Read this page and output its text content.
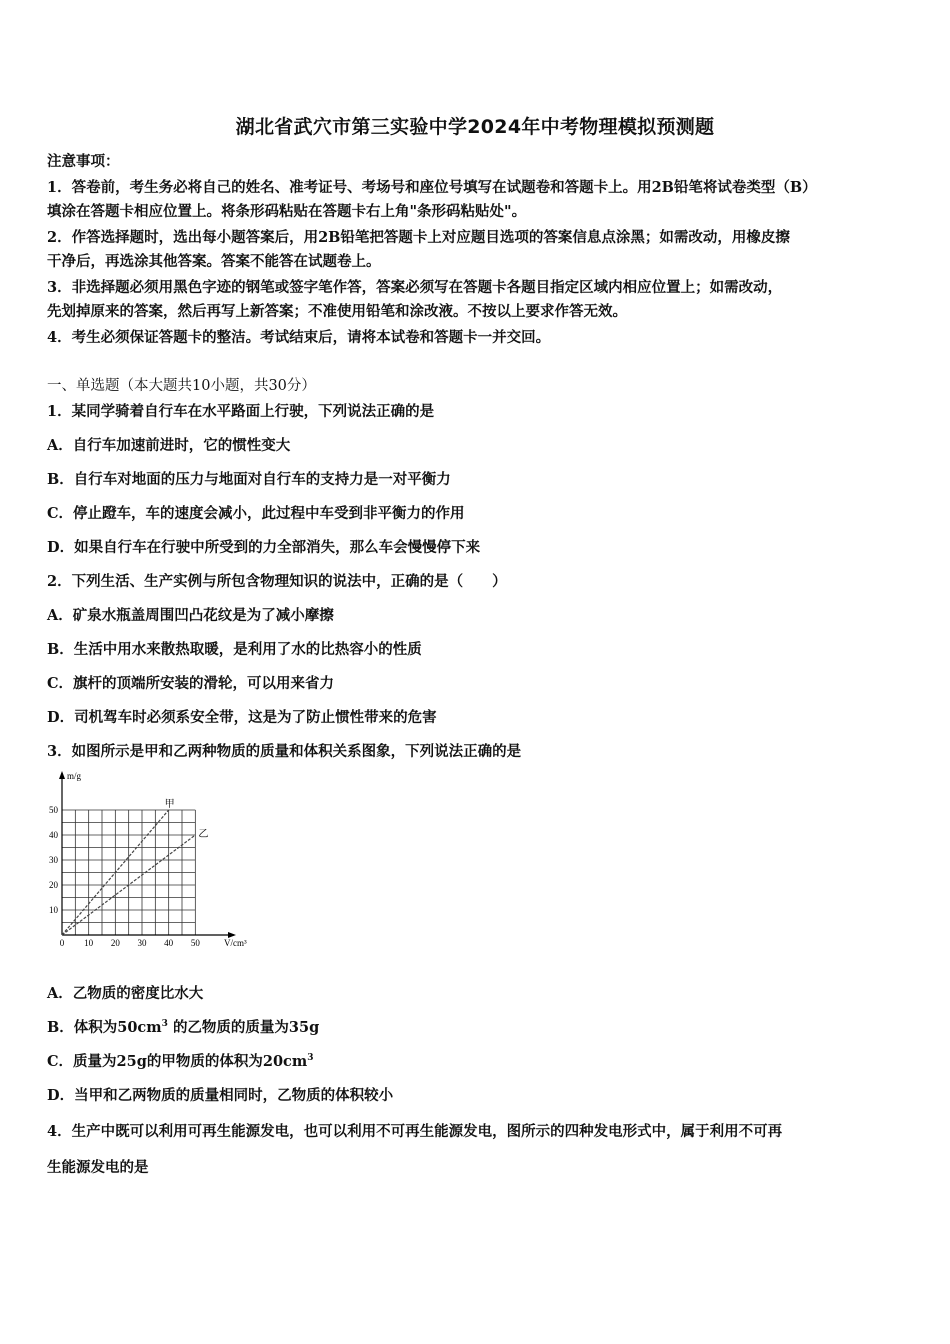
湖北省武穴市第三实验中学2024年中考物理模拟预测题
注意事项：
1．答卷前，考生务必将自己的姓名、准考证号、考场号和座位号填写在试题卷和答题卡上。用2B铅笔将试卷类型（B）
填涂在答题卡相应位置上。将条形码粘贴在答题卡右上角"条形码粘贴处"。
2．作答选择题时，选出每小题答案后，用2B铅笔把答题卡上对应题目选项的答案信息点涂黑；如需改动，用橡皮擦
干净后，再选涂其他答案。答案不能答在试题卷上。
3．非选择题必须用黑色字迹的钢笔或签字笔作答，答案必须写在答题卡各题目指定区域内相应位置上；如需改动，
先划掉原来的答案，然后再写上新答案；不准使用铅笔和涂改液。不按以上要求作答无效。
4．考生必须保证答题卡的整洁。考试结束后，请将本试卷和答题卡一并交回。
一、单选题（本大题共10小题，共30分）
1．某同学骑着自行车在水平路面上行驶，下列说法正确的是
A．自行车加速前进时，它的惯性变大
B．自行车对地面的压力与地面对自行车的支持力是一对平衡力
C．停止蹬车，车的速度会减小，此过程中车受到非平衡力的作用
D．如果自行车在行驶中所受到的力全部消失，那么车会慢慢停下来
2．下列生活、生产实例与所包含物理知识的说法中，正确的是（　　）
A．矿泉水瓶盖周围凹凸花纹是为了减小摩擦
B．生活中用水来散热取暖，是利用了水的比热容小的性质
C．旗杆的顶端所安装的滑轮，可以用来省力
D．司机驾车时必须系安全带，这是为了防止惯性带来的危害
3．如图所示是甲和乙两种物质的质量和体积关系图象，下列说法正确的是
甲
乙
m/g
V/cm³
0 10 20 30 40 50
10
20
30
40
50
A．乙物质的密度比水大
B．体积为$50cm^3$ 的乙物质的质量为35g
C．质量为25g的甲物质的体积为$20cm^3$
D．当甲和乙两物质的质量相同时，乙物质的体积较小
4．生产中既可以利用可再生能源发电，也可以利用不可再生能源发电，图所示的四种发电形式中，属于利用不可再
生能源发电的是
